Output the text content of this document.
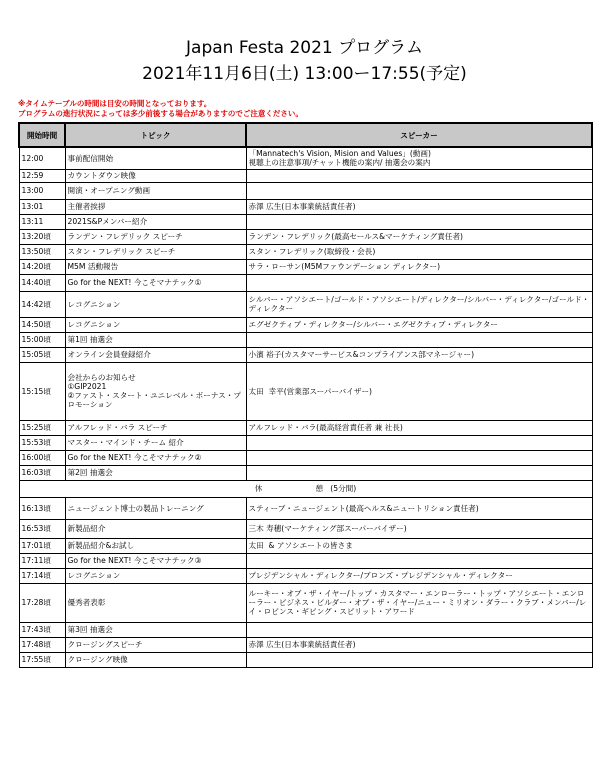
Japan Festa 2021 プログラム
2021年11月6日(土) 13:00ー17:55(予定)
※タイムテーブルの時間は目安の時間となっております。
プログラムの進行状況によっては多少前後する場合がありますのでご注意ください。
開始時間	トピック	スピーカー
12:00	事前配信開始	「Mannatech's Vision, Mision and Values」(動画)
視聴上の注意事項/チャット機能の案内/ 抽選会の案内
12:59	カウントダウン映像	
13:00	開演・オープニング動画	
13:01	主催者挨拶	赤澤 広生(日本事業統括責任者)
13:11	2021S&Pメンバー紹介	
13:20頃	ランデン・フレデリック スピーチ	ランデン・フレデリック(最高セールス&マーケティング責任者)
13:50頃	スタン・フレデリック スピーチ	スタン・フレデリック(取締役・会長)
14:20頃	M5M 活動報告	サラ・ローサン(M5Mファウンデーション ディレクター)
14:40頃	Go for the NEXT! 今こそマナテック①	
14:42頃	レコグニション	シルバー・アソシエート/ゴールド・アソシエート/ディレクター/シルバー・ディレクター/ゴールド・ディレクター
14:50頃	レコグニション	エグゼクティブ・ディレクター/シルバー・エグゼクティブ・ディレクター
15:00頃	第1回 抽選会	
15:05頃	オンライン会員登録紹介	小濱 裕子(カスタマーサービス&コンプライアンス部マネージャー)
15:15頃	会社からのお知らせ
①GIP2021
②ファスト・スタート・ユニレベル・ボーナス・プロモーション	太田  幸平(営業部スーパーバイザー)
15:25頃	アルフレッド・バラ スピーチ	アルフレッド・バラ(最高経営責任者 兼 社長)
15:53頃	マスター・マインド・チーム 紹介	
16:00頃	Go for the NEXT! 今こそマナテック②	
16:03頃	第2回 抽選会	
休                      憩   (5分間)		
16:13頃	ニュージェント博士の製品トレーニング	スティーブ・ニュージェント(最高ヘルス&ニュートリション責任者)
16:53頃	新製品紹介	三木 寿穂(マーケティング部スーパーバイザー)
17:01頃	新製品紹介&お試し	太田  & アソシエートの皆さま
17:11頃	Go for the NEXT! 今こそマナテック③	
17:14頃	レコグニション	プレジデンシャル・ディレクター/ブロンズ・プレジデンシャル・ディレクター
17:28頃	優秀者表彰	ルーキー・オブ・ザ・イヤー/トップ・カスタマー・エンローラー・トップ・アソシエート・エンローラー・ビジネス・ビルダー・オブ・ザ・イヤー/ニュー・ミリオン・ダラー・クラブ・メンバー/レイ・ロビンス・ギビング・スピリット・アワード
17:43頃	第3回 抽選会	
17:48頃	クロージングスピーチ	赤澤 広生(日本事業統括責任者)
17:55頃	クロージング映像	
